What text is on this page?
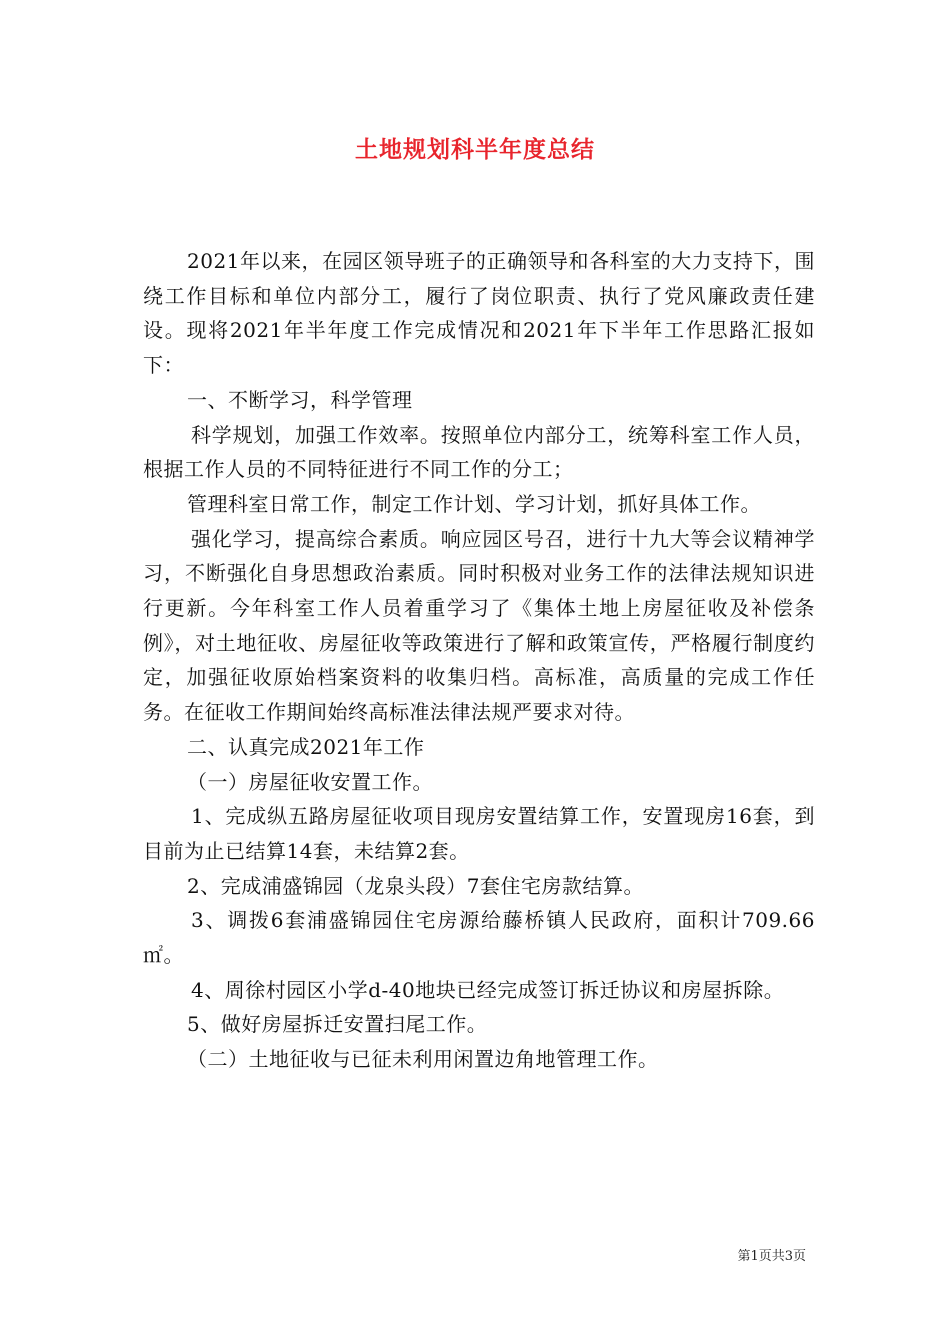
土地规划科半年度总结

2021年以来，在园区领导班子的正确领导和各科室的大力支持下，围绕工作目标和单位内部分工，履行了岗位职责、执行了党风廉政责任建设。现将2021年半年度工作完成情况和2021年下半年工作思路汇报如下：

一、不断学习，科学管理

科学规划，加强工作效率。按照单位内部分工，统筹科室工作人员，根据工作人员的不同特征进行不同工作的分工；

管理科室日常工作，制定工作计划、学习计划，抓好具体工作。

强化学习，提高综合素质。响应园区号召，进行十九大等会议精神学习，不断强化自身思想政治素质。同时积极对业务工作的法律法规知识进行更新。今年科室工作人员着重学习了《集体土地上房屋征收及补偿条例》，对土地征收、房屋征收等政策进行了解和政策宣传，严格履行制度约定，加强征收原始档案资料的收集归档。高标准，高质量的完成工作任务。在征收工作期间始终高标准法律法规严要求对待。

二、认真完成2021年工作

（一）房屋征收安置工作。

1、完成纵五路房屋征收项目现房安置结算工作，安置现房16套，到目前为止已结算14套，未结算2套。

2、完成浦盛锦园（龙泉头段）7套住宅房款结算。

3、调拨6套浦盛锦园住宅房源给藤桥镇人民政府，面积计709.66㎡。

4、周徐村园区小学d-40地块已经完成签订拆迁协议和房屋拆除。

5、做好房屋拆迁安置扫尾工作。

（二）土地征收与已征未利用闲置边角地管理工作。

第1页共3页
